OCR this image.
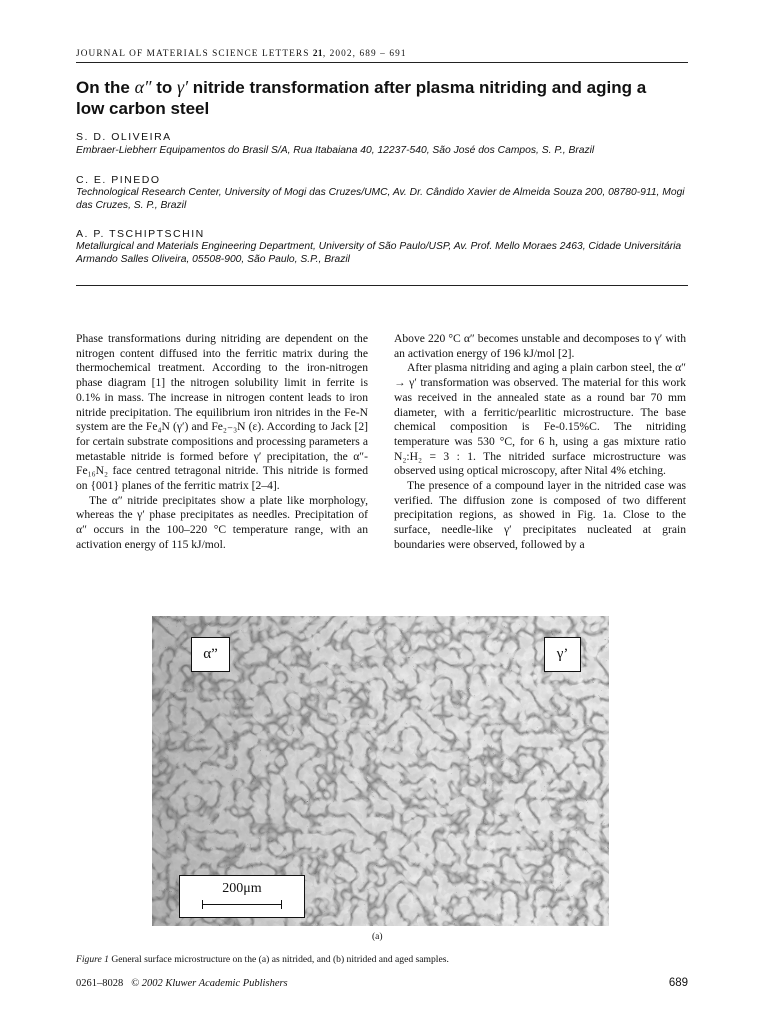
JOURNAL OF MATERIALS SCIENCE LETTERS 21, 2002, 689 – 691
On the α″ to γ′ nitride transformation after plasma nitriding and aging a low carbon steel
S. D. OLIVEIRA
Embraer-Liebherr Equipamentos do Brasil S/A, Rua Itabaiana 40, 12237-540, São José dos Campos, S. P., Brazil
C. E. PINEDO
Technological Research Center, University of Mogi das Cruzes/UMC, Av. Dr. Cândido Xavier de Almeida Souza 200, 08780-911, Mogi das Cruzes, S. P., Brazil
A. P. TSCHIPTSCHIN
Metallurgical and Materials Engineering Department, University of São Paulo/USP, Av. Prof. Mello Moraes 2463, Cidade Universitária Armando Salles Oliveira, 05508-900, São Paulo, S.P., Brazil

Phase transformations during nitriding are dependent on the nitrogen content diffused into the ferritic matrix during the thermochemical treatment. According to the iron-nitrogen phase diagram [1] the nitrogen solubility limit in ferrite is 0.1% in mass. The increase in nitrogen content leads to iron nitride precipitation. The equilibrium iron nitrides in the Fe-N system are the Fe₄N (γ′) and Fe₂₋₃N (ε). According to Jack [2] for certain substrate compositions and processing parameters a metastable nitride is formed before γ′ precipitation, the α″-Fe₁₆N₂ face centred tetragonal nitride. This nitride is formed on {001} planes of the ferritic matrix [2–4].

The α″ nitride precipitates show a plate like morphology, whereas the γ′ phase precipitates as needles. Precipitation of α″ occurs in the 100–220 °C temperature range, with an activation energy of 115 kJ/mol.

Above 220 °C α″ becomes unstable and decomposes to γ′ with an activation energy of 196 kJ/mol [2].

After plasma nitriding and aging a plain carbon steel, the α″ → γ′ transformation was observed. The material for this work was received in the annealed state as a round bar 70 mm diameter, with a ferritic/pearlitic microstructure. The base chemical composition is Fe-0.15%C. The nitriding temperature was 530 °C, for 6 h, using a gas mixture ratio N₂:H₂ = 3 : 1. The nitrided surface microstructure was observed using optical microscopy, after Nital 4% etching.

The presence of a compound layer in the nitrided case was verified. The diffusion zone is composed of two different precipitation regions, as showed in Fig. 1a. Close to the surface, needle-like γ′ precipitates nucleated at grain boundaries were observed, followed by a

α”	γ’
200μm
(a)
Figure 1 General surface microstructure on the (a) as nitrided, and (b) nitrided and aged samples.
0261–8028 © 2002 Kluwer Academic Publishers	689
